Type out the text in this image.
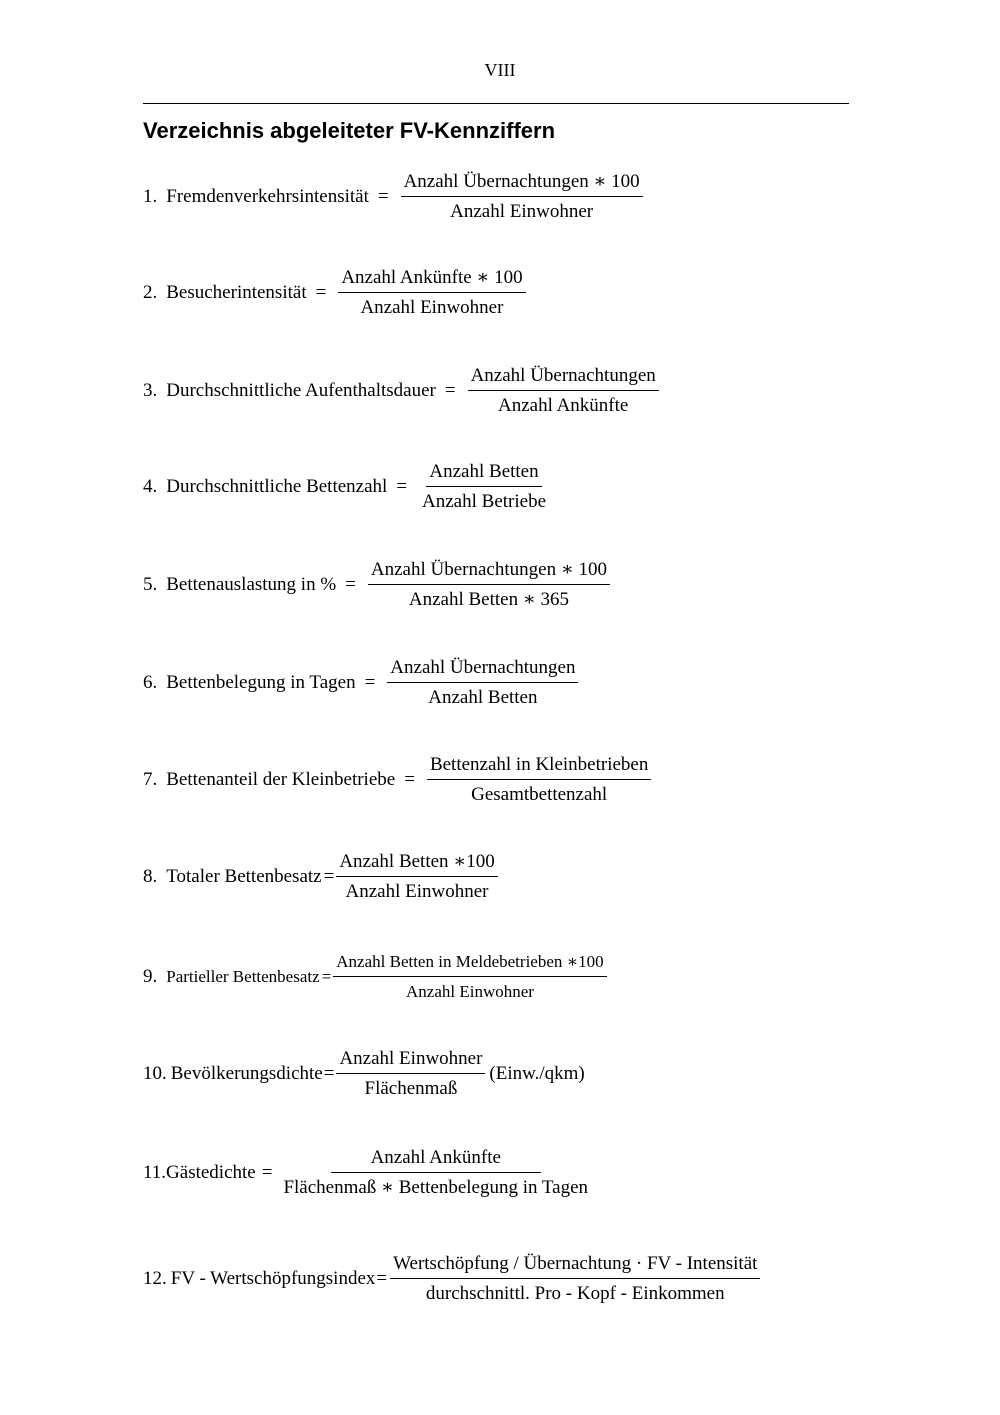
VIII
Verzeichnis abgeleiteter FV-Kennziffern
1. Fremdenverkehrsintensität = $\frac{\text{Anzahl Übernachtungen ∗ 100}}{\text{Anzahl Einwohner}}$
2. Besucherintensität = $\frac{\text{Anzahl Ankünfte ∗ 100}}{\text{Anzahl Einwohner}}$
3. Durchschnittliche Aufenthaltsdauer = $\frac{\text{Anzahl Übernachtungen}}{\text{Anzahl Ankünfte}}$
4. Durchschnittliche Bettenzahl = $\frac{\text{Anzahl Betten}}{\text{Anzahl Betriebe}}$
5. Bettenauslastung in % = $\frac{\text{Anzahl Übernachtungen ∗ 100}}{\text{Anzahl Betten ∗ 365}}$
6. Bettenbelegung in Tagen = $\frac{\text{Anzahl Übernachtungen}}{\text{Anzahl Betten}}$
7. Bettenanteil der Kleinbetriebe = $\frac{\text{Bettenzahl in Kleinbetrieben}}{\text{Gesamtbettenzahl}}$
8. Totaler Bettenbesatz = $\frac{\text{Anzahl Betten ∗100}}{\text{Anzahl Einwohner}}$
9. Partieller Bettenbesatz = $\frac{\text{Anzahl Betten in Meldebetrieben ∗100}}{\text{Anzahl Einwohner}}$
10. Bevölkerungsdichte = $\frac{\text{Anzahl Einwohner}}{\text{Flächenmaß}}$ (Einw./qkm)
11. Gästedichte = $\frac{\text{Anzahl Ankünfte}}{\text{Flächenmaß ∗ Bettenbelegung in Tagen}}$
12. FV - Wertschöpfungsindex = $\frac{\text{Wertschöpfung / Übernachtung · FV - Intensität}}{\text{durchschnittl. Pro - Kopf - Einkommen}}$
